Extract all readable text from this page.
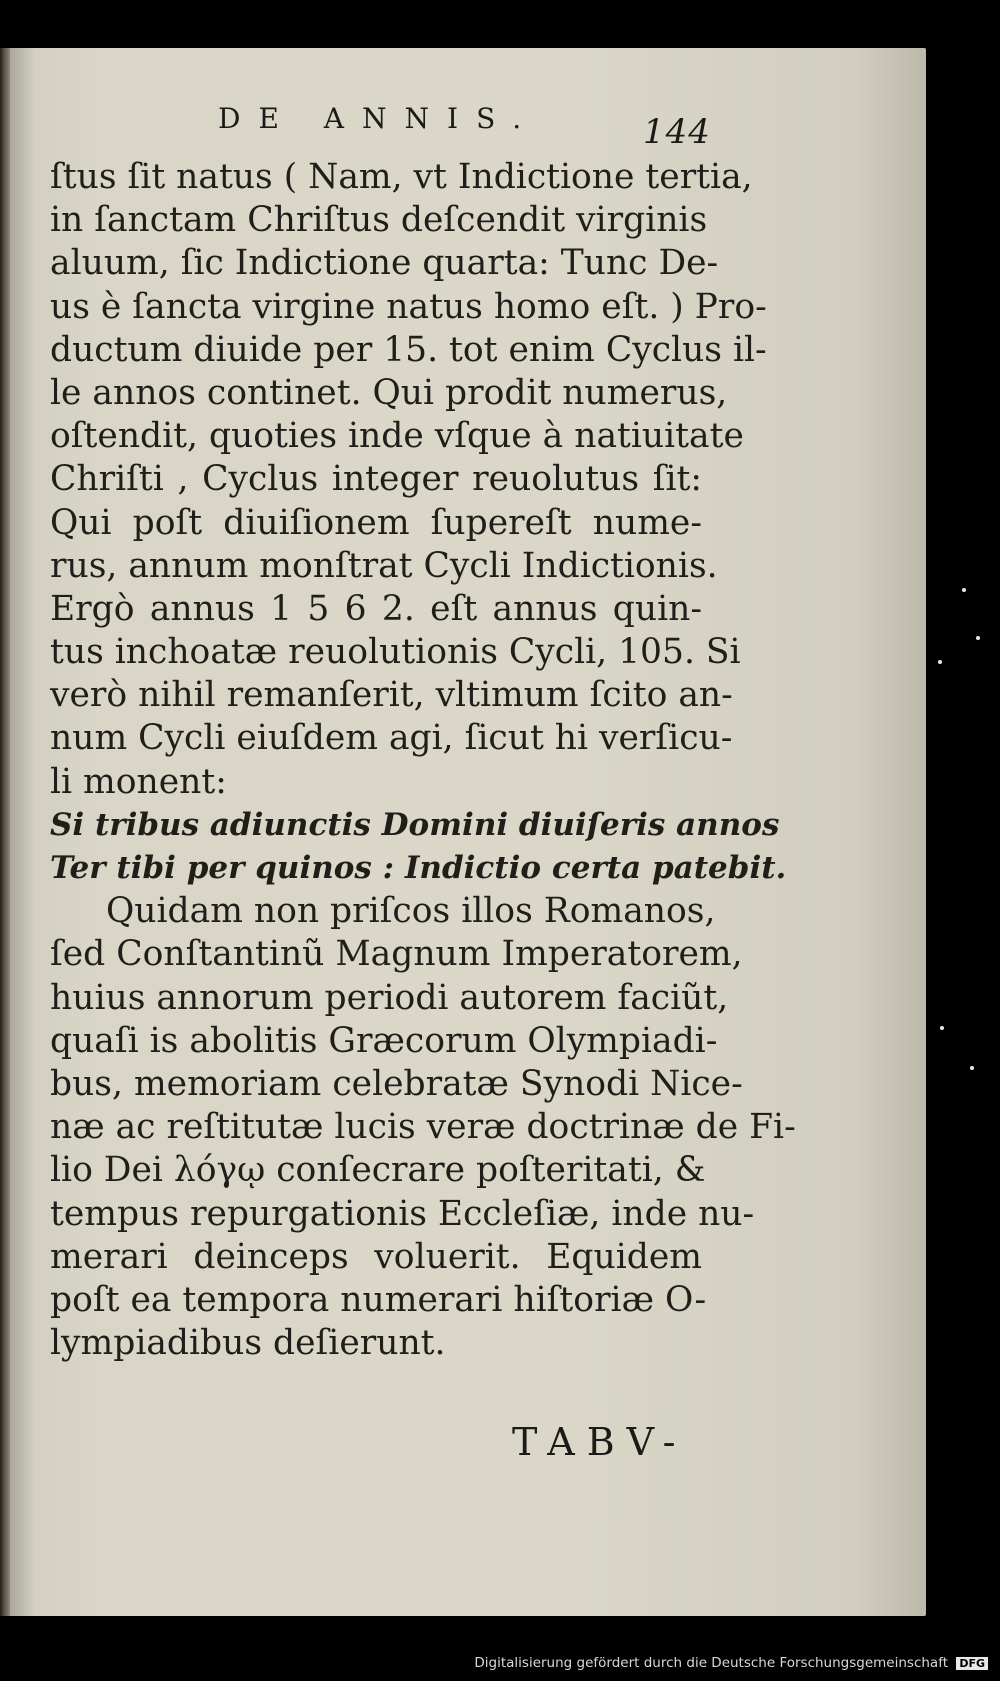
DE ANNIS.	144
ſtus ſit natus ( Nam, vt Indictione tertia,
in ſanctam Chriſtus deſcendit virginis
aluum, ſic Indictione quarta: Tunc De-
us è ſancta virgine natus homo eſt. ) Pro-
ductum diuide per 15. tot enim Cyclus il-
le annos continet. Qui prodit numerus,
oſtendit, quoties inde vſque à natiuitate
Chriſti , Cyclus integer reuolutus ſit:
Qui poſt diuiſionem ſupereſt nume-
rus, annum monſtrat Cycli Indictionis.
Ergò annus 1 5 6 2. eſt annus quin-
tus inchoatæ reuolutionis Cycli, 105. Si
verò nihil remanſerit, vltimum ſcito an-
num Cycli eiuſdem agi, ſicut hi verſicu-
li monent:
Si tribus adiunctis Domini diuiſeris annos
Ter tibi per quinos : Indictio certa patebit.
Quidam non priſcos illos Romanos,
ſed Conſtantinũ Magnum Imperatorem,
huius annorum periodi autorem faciũt,
quaſi is abolitis Græcorum Olympiadi-
bus, memoriam celebratæ Synodi Nice-
næ ac reſtitutæ lucis veræ doctrinæ de Fi-
lio Dei λόγῳ conſecrare poſteritati, &
tempus repurgationis Eccleſiæ, inde nu-
merari deinceps voluerit. Equidem
poſt ea tempora numerari hiſtoriæ O-
lympiadibus deſierunt.
TABV-
Digitalisierung gefördert durch die Deutsche Forschungsgemeinschaft DFG
